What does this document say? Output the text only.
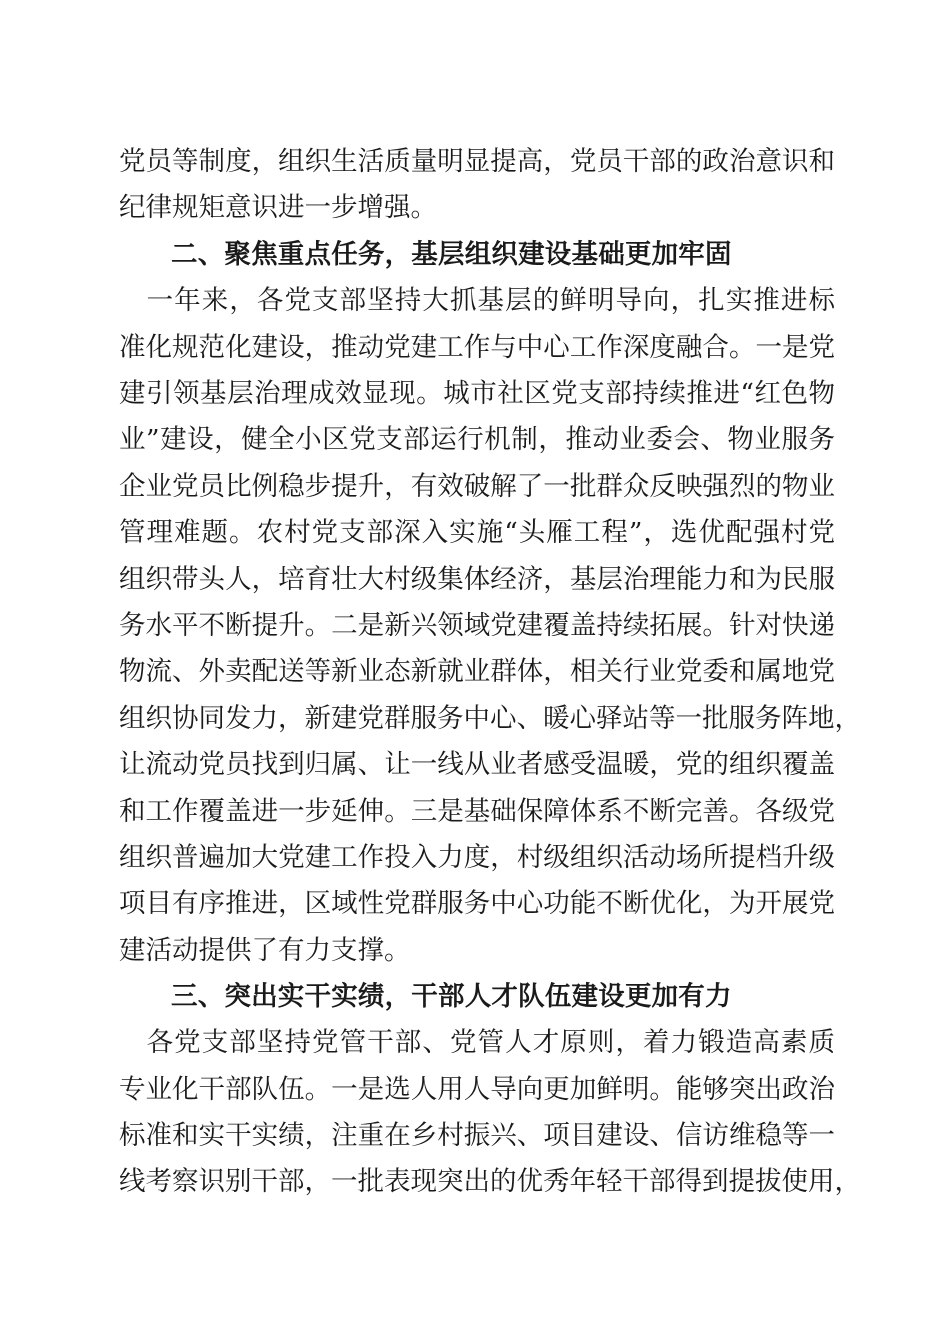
党员等制度，组织生活质量明显提高，党员干部的政治意识和
纪律规矩意识进一步增强。
二、聚焦重点任务，基层组织建设基础更加牢固
　一年来，各党支部坚持大抓基层的鲜明导向，扎实推进标
准化规范化建设，推动党建工作与中心工作深度融合。一是党
建引领基层治理成效显现。城市社区党支部持续推进“红色物
业”建设，健全小区党支部运行机制，推动业委会、物业服务
企业党员比例稳步提升，有效破解了一批群众反映强烈的物业
管理难题。农村党支部深入实施“头雁工程”，选优配强村党
组织带头人，培育壮大村级集体经济，基层治理能力和为民服
务水平不断提升。二是新兴领域党建覆盖持续拓展。针对快递
物流、外卖配送等新业态新就业群体，相关行业党委和属地党
组织协同发力，新建党群服务中心、暖心驿站等一批服务阵地，
让流动党员找到归属、让一线从业者感受温暖，党的组织覆盖
和工作覆盖进一步延伸。三是基础保障体系不断完善。各级党
组织普遍加大党建工作投入力度，村级组织活动场所提档升级
项目有序推进，区域性党群服务中心功能不断优化，为开展党
建活动提供了有力支撑。
三、突出实干实绩，干部人才队伍建设更加有力
　各党支部坚持党管干部、党管人才原则，着力锻造高素质
专业化干部队伍。一是选人用人导向更加鲜明。能够突出政治
标准和实干实绩，注重在乡村振兴、项目建设、信访维稳等一
线考察识别干部，一批表现突出的优秀年轻干部得到提拔使用，
